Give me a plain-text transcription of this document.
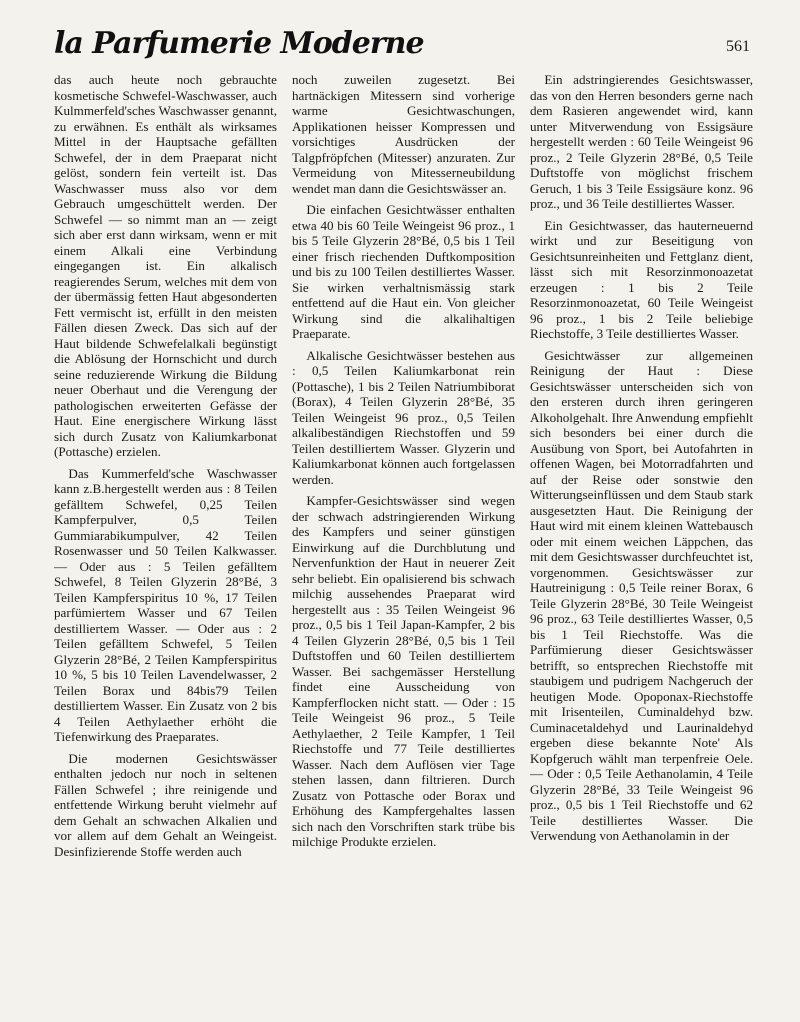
la Parfumerie Moderne	561

das auch heute noch gebrauchte kosmetische Schwefel-Waschwasser, auch Kulmmerfeld'sches Waschwasser genannt, zu erwähnen. Es enthält als wirksames Mittel in der Hauptsache gefällten Schwefel, der in dem Praeparat nicht gelöst, sondern fein verteilt ist. Das Waschwasser muss also vor dem Gebrauch umgeschüttelt werden. Der Schwefel — so nimmt man an — zeigt sich aber erst dann wirksam, wenn er mit einem Alkali eine Verbindung eingegangen ist. Ein alkalisch reagierendes Serum, welches mit dem von der übermässig fetten Haut abgesonderten Fett vermischt ist, erfüllt in den meisten Fällen diesen Zweck. Das sich auf der Haut bildende Schwefelalkali begünstigt die Ablösung der Hornschicht und durch seine reduzierende Wirkung die Bildung neuer Oberhaut und die Verengung der pathologischen erweiterten Gefässe der Haut. Eine energischere Wirkung lässt sich durch Zusatz von Kaliumkarbonat (Pottasche) erzielen.

Das Kummerfeld'sche Waschwasser kann z.B.hergestellt werden aus : 8 Teilen gefälltem Schwefel, 0,25 Teilen Kampferpulver, 0,5 Teilen Gummiarabikumpulver, 42 Teilen Rosenwasser und 50 Teilen Kalkwasser. — Oder aus : 5 Teilen gefälltem Schwefel, 8 Teilen Glyzerin 28°Bé, 3 Teilen Kampferspiritus 10 %, 17 Teilen parfümiertem Wasser und 67 Teilen destilliertem Wasser. — Oder aus : 2 Teilen gefälltem Schwefel, 5 Teilen Glyzerin 28°Bé, 2 Teilen Kampferspiritus 10 %, 5 bis 10 Teilen Lavendelwasser, 2 Teilen Borax und 84bis79 Teilen destilliertem Wasser. Ein Zusatz von 2 bis 4 Teilen Aethylaether erhöht die Tiefenwirkung des Praeparates.

Die modernen Gesichtswässer enthalten jedoch nur noch in seltenen Fällen Schwefel ; ihre reinigende und entfettende Wirkung beruht vielmehr auf dem Gehalt an schwachen Alkalien und vor allem auf dem Gehalt an Weingeist. Desinfizierende Stoffe werden auch

noch zuweilen zugesetzt. Bei hartnäckigen Mitessern sind vorherige warme Gesichtwaschungen, Applikationen heisser Kompressen und vorsichtiges Ausdrücken der Talgpfröpfchen (Mitesser) anzuraten. Zur Vermeidung von Mitesserneubildung wendet man dann die Gesichtswässer an.

Die einfachen Gesichtwässer enthalten etwa 40 bis 60 Teile Weingeist 96 proz., 1 bis 5 Teile Glyzerin 28°Bé, 0,5 bis 1 Teil einer frisch riechenden Duftkomposition und bis zu 100 Teilen destilliertes Wasser. Sie wirken verhaltnismässig stark entfettend auf die Haut ein. Von gleicher Wirkung sind die alkalihaltigen Praeparate.

Alkalische Gesichtwässer bestehen aus : 0,5 Teilen Kaliumkarbonat rein (Pottasche), 1 bis 2 Teilen Natriumbiborat (Borax), 4 Teilen Glyzerin 28°Bé, 35 Teilen Weingeist 96 proz., 0,5 Teilen alkalibeständigen Riechstoffen und 59 Teilen destilliertem Wasser. Glyzerin und Kaliumkarbonat können auch fortgelassen werden.

Kampfer-Gesichtswässer sind wegen der schwach adstringierenden Wirkung des Kampfers und seiner günstigen Einwirkung auf die Durchblutung und Nervenfunktion der Haut in neuerer Zeit sehr beliebt. Ein opalisierend bis schwach milchig aussehendes Praeparat wird hergestellt aus : 35 Teilen Weingeist 96 proz., 0,5 bis 1 Teil Japan-Kampfer, 2 bis 4 Teilen Glyzerin 28°Bé, 0,5 bis 1 Teil Duftstoffen und 60 Teilen destilliertem Wasser. Bei sachgemässer Herstellung findet eine Ausscheidung von Kampferflocken nicht statt. — Oder : 15 Teile Weingeist 96 proz., 5 Teile Aethylaether, 2 Teile Kampfer, 1 Teil Riechstoffe und 77 Teile destilliertes Wasser. Nach dem Auflösen vier Tage stehen lassen, dann filtrieren. Durch Zusatz von Pottasche oder Borax und Erhöhung des Kampfergehaltes lassen sich nach den Vorschriften stark trübe bis milchige Produkte erzielen.

Ein adstringierendes Gesichtswasser, das von den Herren besonders gerne nach dem Rasieren angewendet wird, kann unter Mitverwendung von Essigsäure hergestellt werden : 60 Teile Weingeist 96 proz., 2 Teile Glyzerin 28°Bé, 0,5 Teile Duftstoffe von möglichst frischem Geruch, 1 bis 3 Teile Essigsäure konz. 96 proz., und 36 Teile destilliertes Wasser.

Ein Gesichtwasser, das hauterneuernd wirkt und zur Beseitigung von Gesichtsunreinheiten und Fettglanz dient, lässt sich mit Resorzinmonoazetat erzeugen : 1 bis 2 Teile Resorzinmonoazetat, 60 Teile Weingeist 96 proz., 1 bis 2 Teile beliebige Riechstoffe, 3 Teile destilliertes Wasser.

Gesichtwässer zur allgemeinen Reinigung der Haut : Diese Gesichtswässer unterscheiden sich von den ersteren durch ihren geringeren Alkoholgehalt. Ihre Anwendung empfiehlt sich besonders bei einer durch die Ausübung von Sport, bei Autofahrten in offenen Wagen, bei Motorradfahrten und auf der Reise oder sonstwie den Witterungseinflüssen und dem Staub stark ausgesetzten Haut. Die Reinigung der Haut wird mit einem kleinen Wattebausch oder mit einem weichen Läppchen, das mit dem Gesichtswasser durchfeuchtet ist, vorgenommen. Gesichtswässer zur Hautreinigung : 0,5 Teile reiner Borax, 6 Teile Glyzerin 28°Bé, 30 Teile Weingeist 96 proz., 63 Teile destilliertes Wasser, 0,5 bis 1 Teil Riechstoffe. Was die Parfümierung dieser Gesichtswässer betrifft, so entsprechen Riechstoffe mit staubigem und pudrigem Nachgeruch der heutigen Mode. Opoponax-Riechstoffe mit Irisenteilen, Cuminaldehyd bzw. Cuminacetaldehyd und Laurinaldehyd ergeben diese bekannte Note' Als Kopfgeruch wählt man terpenfreie Oele. — Oder : 0,5 Teile Aethanolamin, 4 Teile Glyzerin 28°Bé, 33 Teile Weingeist 96 proz., 0,5 bis 1 Teil Riechstoffe und 62 Teile destilliertes Wasser. Die Verwendung von Aethanolamin in der
